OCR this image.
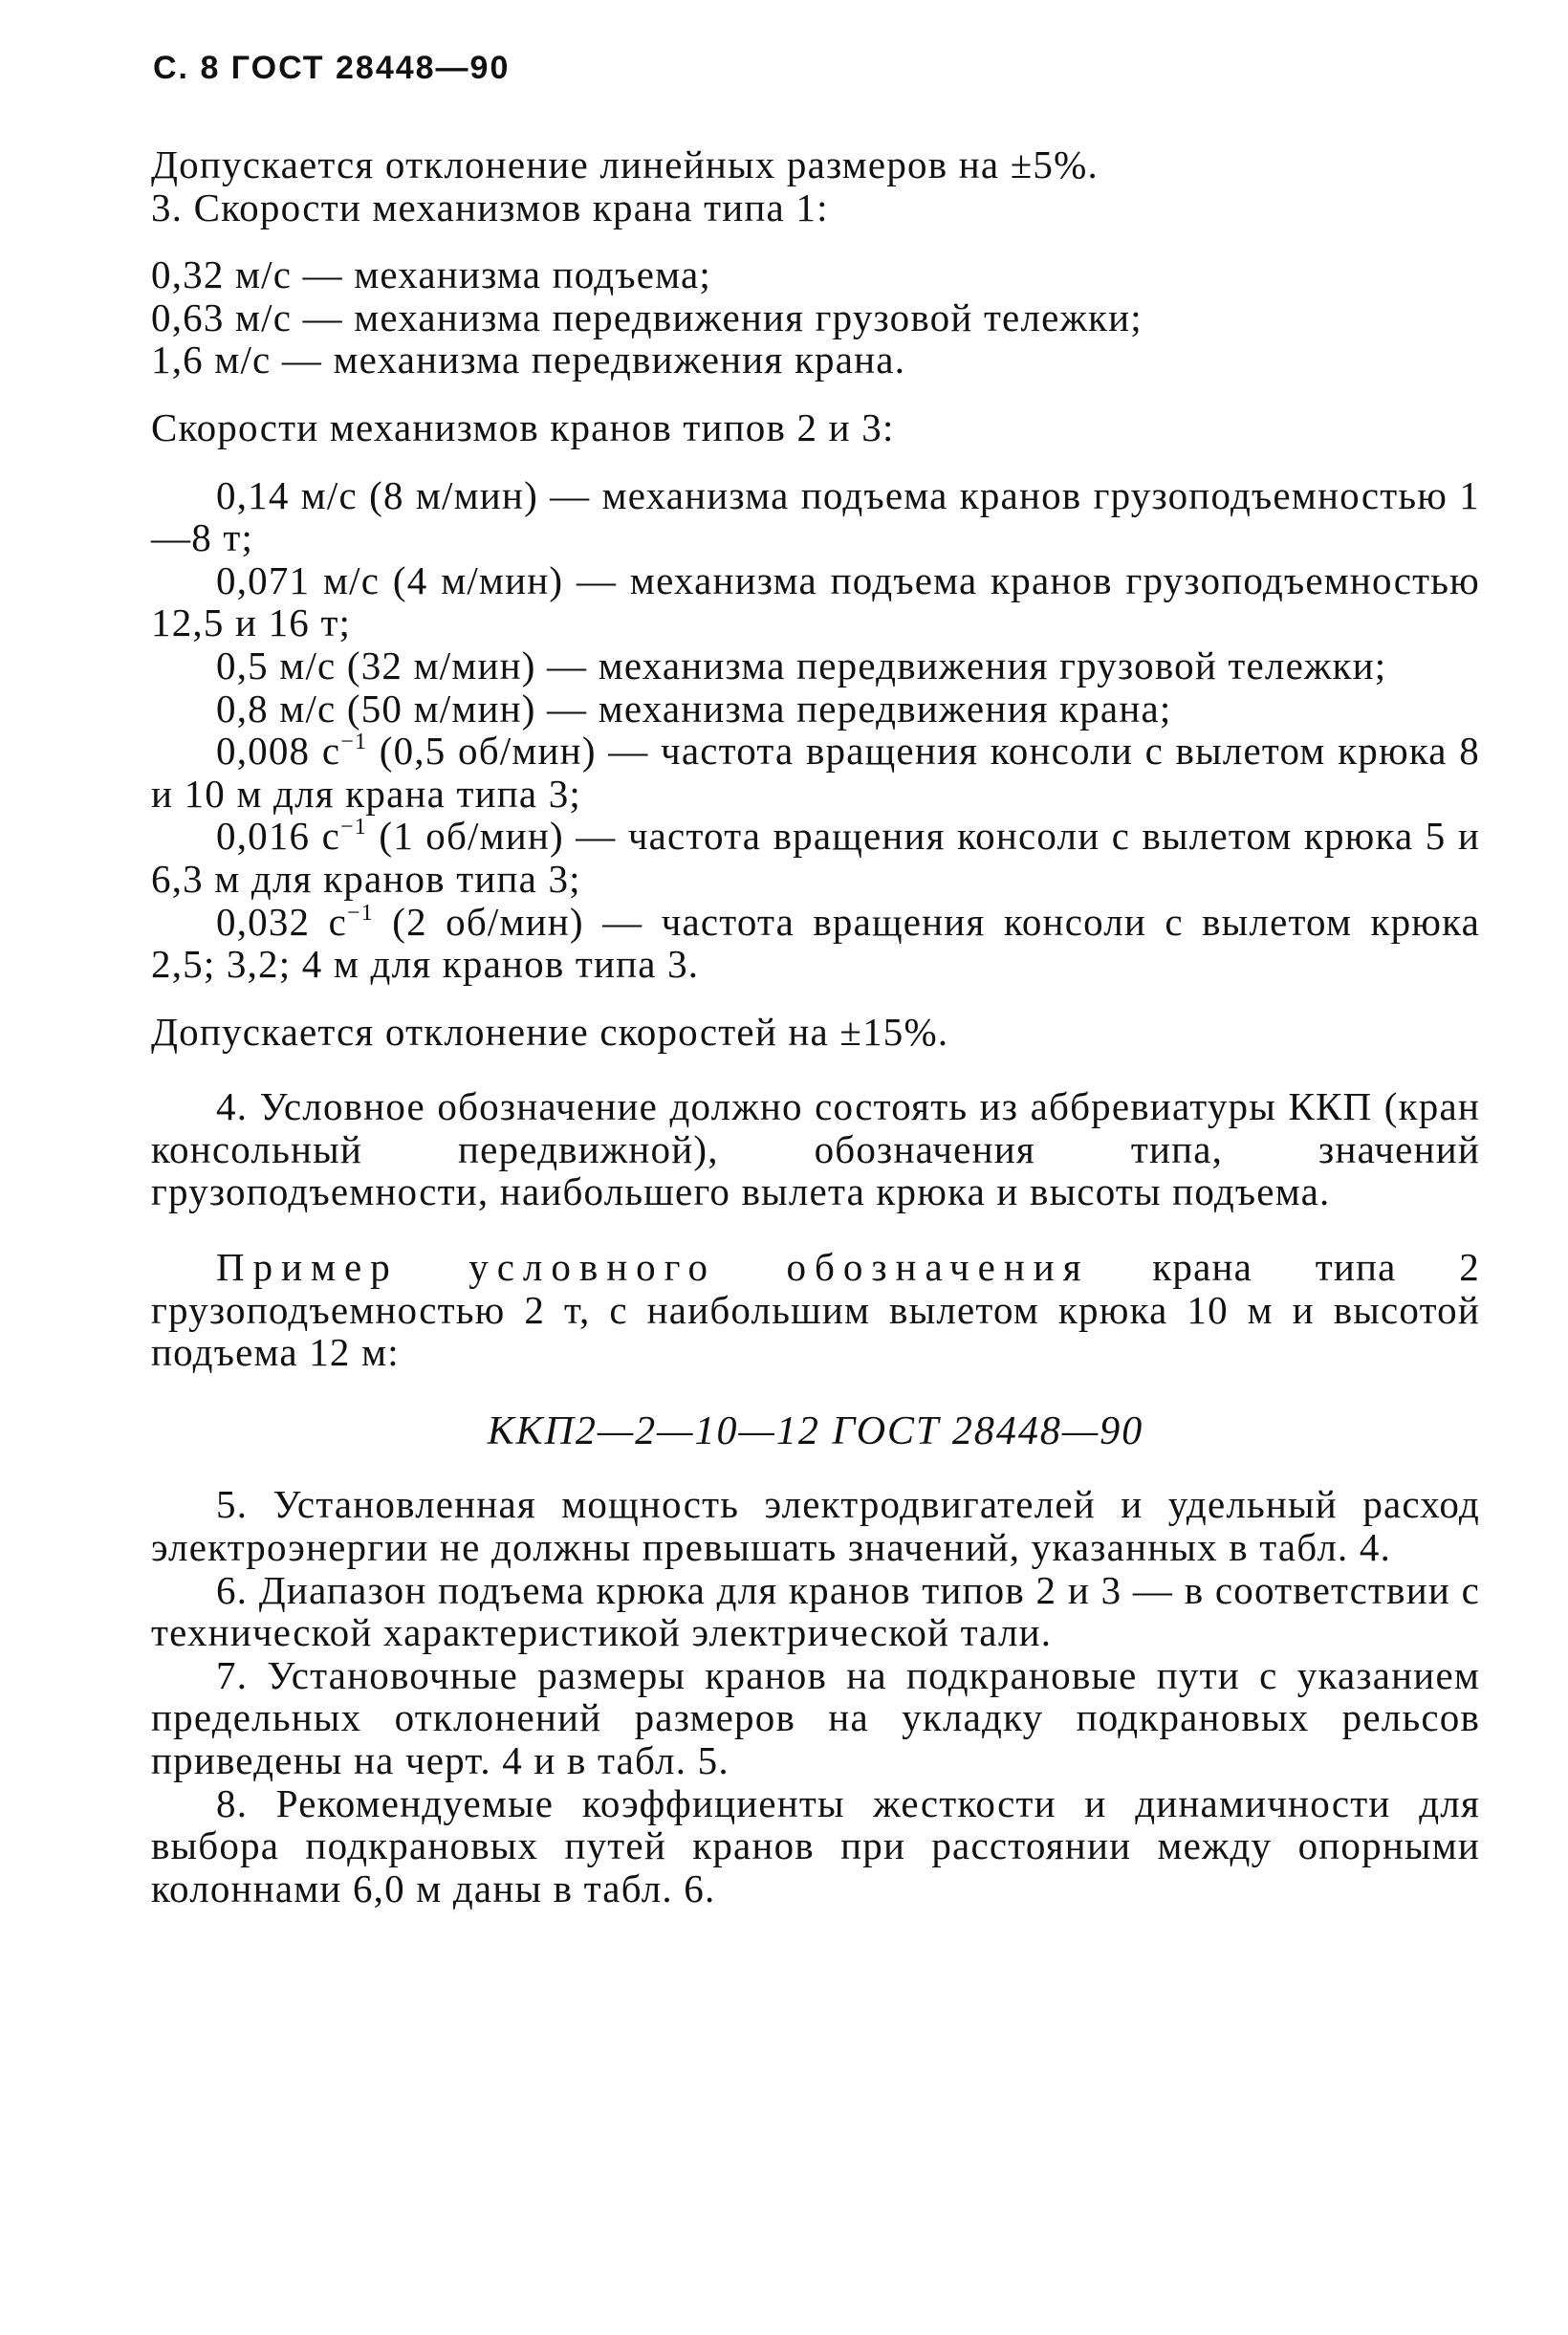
С. 8 ГОСТ 28448—90

Допускается отклонение линейных размеров на ±5%.

3. Скорости механизмов крана типа 1:

0,32 м/с — механизма подъема;

0,63 м/с — механизма передвижения грузовой тележки;

1,6 м/с — механизма передвижения крана.

Скорости механизмов кранов типов 2 и 3:

0,14 м/с (8 м/мин) — механизма подъема кранов грузоподъемностью 1—8 т;

0,071 м/с (4 м/мин) — механизма подъема кранов грузоподъемностью 12,5 и 16 т;

0,5 м/с (32 м/мин) — механизма передвижения грузовой тележки;

0,8 м/с (50 м/мин) — механизма передвижения крана;

0,008 $с^{-1}$ (0,5 об/мин) — частота вращения консоли с вылетом крюка 8 и 10 м для крана типа 3;

0,016 $с^{-1}$ (1 об/мин) — частота вращения консоли с вылетом крюка 5 и 6,3 м для кранов типа 3;

0,032 $с^{-1}$ (2 об/мин) — частота вращения консоли с вылетом крюка 2,5; 3,2; 4 м для кранов типа 3.

Допускается отклонение скоростей на ±15%.

4. Условное обозначение должно состоять из аббревиатуры ККП (кран консольный передвижной), обозначения типа, значений грузоподъемности, наибольшего вылета крюка и высоты подъема.

Пример условного обозначения крана типа 2 грузоподъемностью 2 т, с наибольшим вылетом крюка 10 м и высотой подъема 12 м:

ККП2—2—10—12 ГОСТ 28448—90

5. Установленная мощность электродвигателей и удельный расход электроэнергии не должны превышать значений, указанных в табл. 4.

6. Диапазон подъема крюка для кранов типов 2 и 3 — в соответствии с технической характеристикой электрической тали.

7. Установочные размеры кранов на подкрановые пути с указанием предельных отклонений размеров на укладку подкрановых рельсов приведены на черт. 4 и в табл. 5.

8. Рекомендуемые коэффициенты жесткости и динамичности для выбора подкрановых путей кранов при расстоянии между опорными колоннами 6,0 м даны в табл. 6.
